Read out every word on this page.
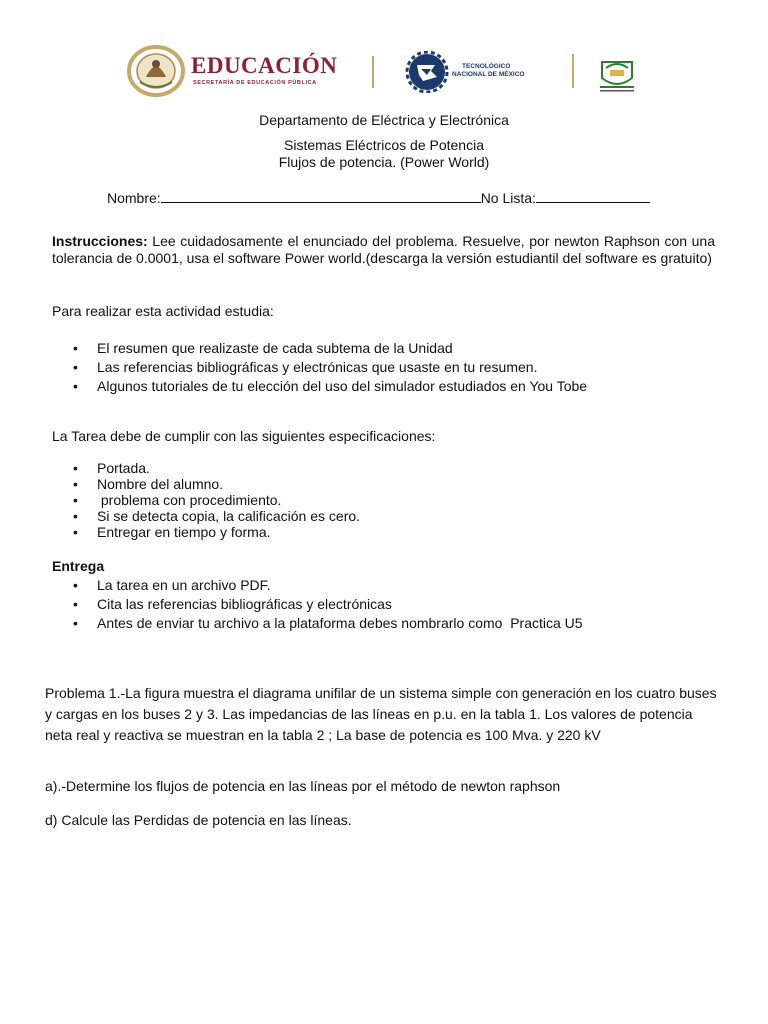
EDUCACIÓN
SECRETARÍA DE EDUCACIÓN PÚBLICA
TECNOLÓGICO
NACIONAL DE MÉXICO
Departamento de Eléctrica y Electrónica
Sistemas Eléctricos de Potencia
Flujos de potencia. (Power World)
Nombre:	No Lista:
Instrucciones: Lee cuidadosamente el enunciado del problema. Resuelve, por newton Raphson con una tolerancia de 0.0001, usa el software Power world.(descarga la versión estudiantil del software es gratuito)
Para realizar esta actividad estudia:
• El resumen que realizaste de cada subtema de la Unidad
• Las referencias bibliográficas y electrónicas que usaste en tu resumen.
• Algunos tutoriales de tu elección del uso del simulador estudiados en You Tobe
La Tarea debe de cumplir con las siguientes especificaciones:
• Portada.
• Nombre del alumno.
•  problema con procedimiento.
• Si se detecta copia, la calificación es cero.
• Entregar en tiempo y forma.
Entrega
• La tarea en un archivo PDF.
• Cita las referencias bibliográficas y electrónicas
• Antes de enviar tu archivo a la plataforma debes nombrarlo como  Practica U5
Problema 1.-La figura muestra el diagrama unifilar de un sistema simple con generación en los cuatro buses y cargas en los buses 2 y 3. Las impedancias de las líneas en p.u. en la tabla 1. Los valores de potencia neta real y reactiva se muestran en la tabla 2 ; La base de potencia es 100 Mva. y 220 kV
a).-Determine los flujos de potencia en las líneas por el método de newton raphson
d) Calcule las Perdidas de potencia en las líneas.
